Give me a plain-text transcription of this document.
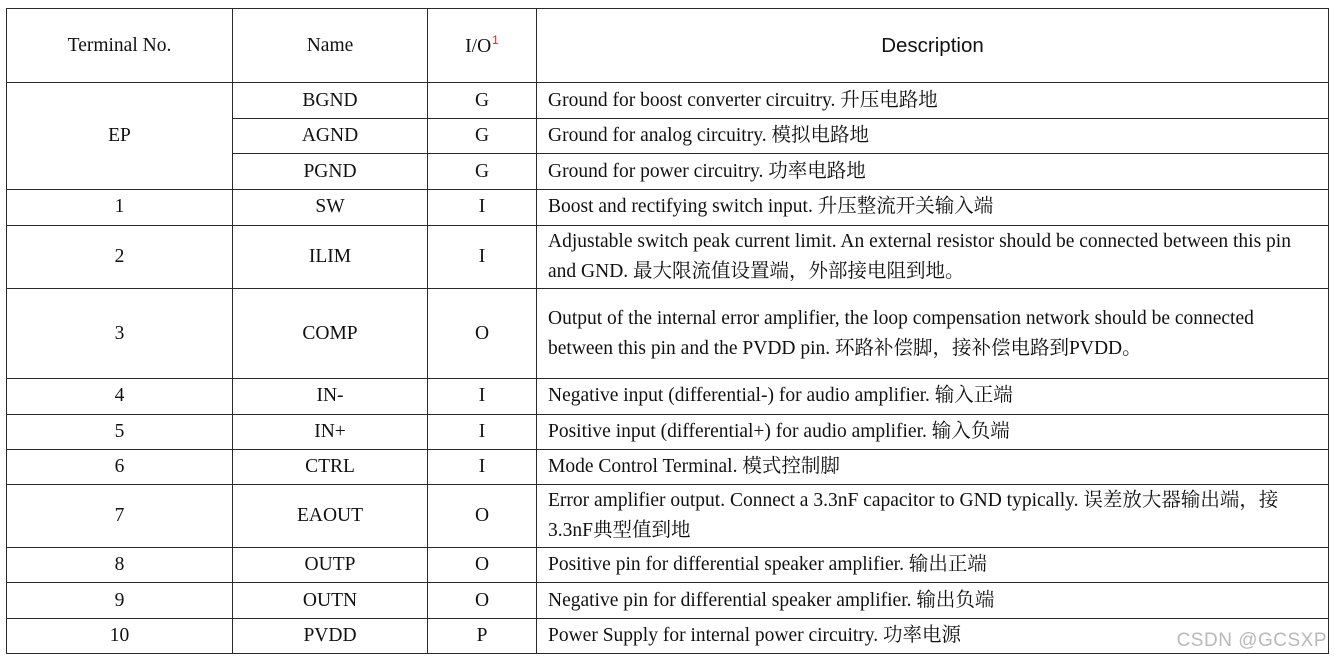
Terminal No.	Name	$I/O^1$	Description
EP	BGND	G	Ground for boost converter circuitry. 升压电路地
	AGND	G	Ground for analog circuitry. 模拟电路地
	PGND	G	Ground for power circuitry. 功率电路地
1	SW	I	Boost and rectifying switch input. 升压整流开关输入端
2	ILIM	I	Adjustable switch peak current limit. An external resistor should be connected between this pin and GND. 最大限流值设置端，外部接电阻到地。
3	COMP	O	Output of the internal error amplifier, the loop compensation network should be connected between this pin and the PVDD pin. 环路补偿脚，接补偿电路到PVDD。
4	IN-	I	Negative input (differential-) for audio amplifier. 输入正端
5	IN+	I	Positive input (differential+) for audio amplifier. 输入负端
6	CTRL	I	Mode Control Terminal. 模式控制脚
7	EAOUT	O	Error amplifier output. Connect a 3.3nF capacitor to GND typically. 误差放大器输出端，接3.3nF典型值到地
8	OUTP	O	Positive pin for differential speaker amplifier. 输出正端
9	OUTN	O	Negative pin for differential speaker amplifier. 输出负端
10	PVDD	P	Power Supply for internal power circuitry. 功率电源	CSDN @GCSXP
